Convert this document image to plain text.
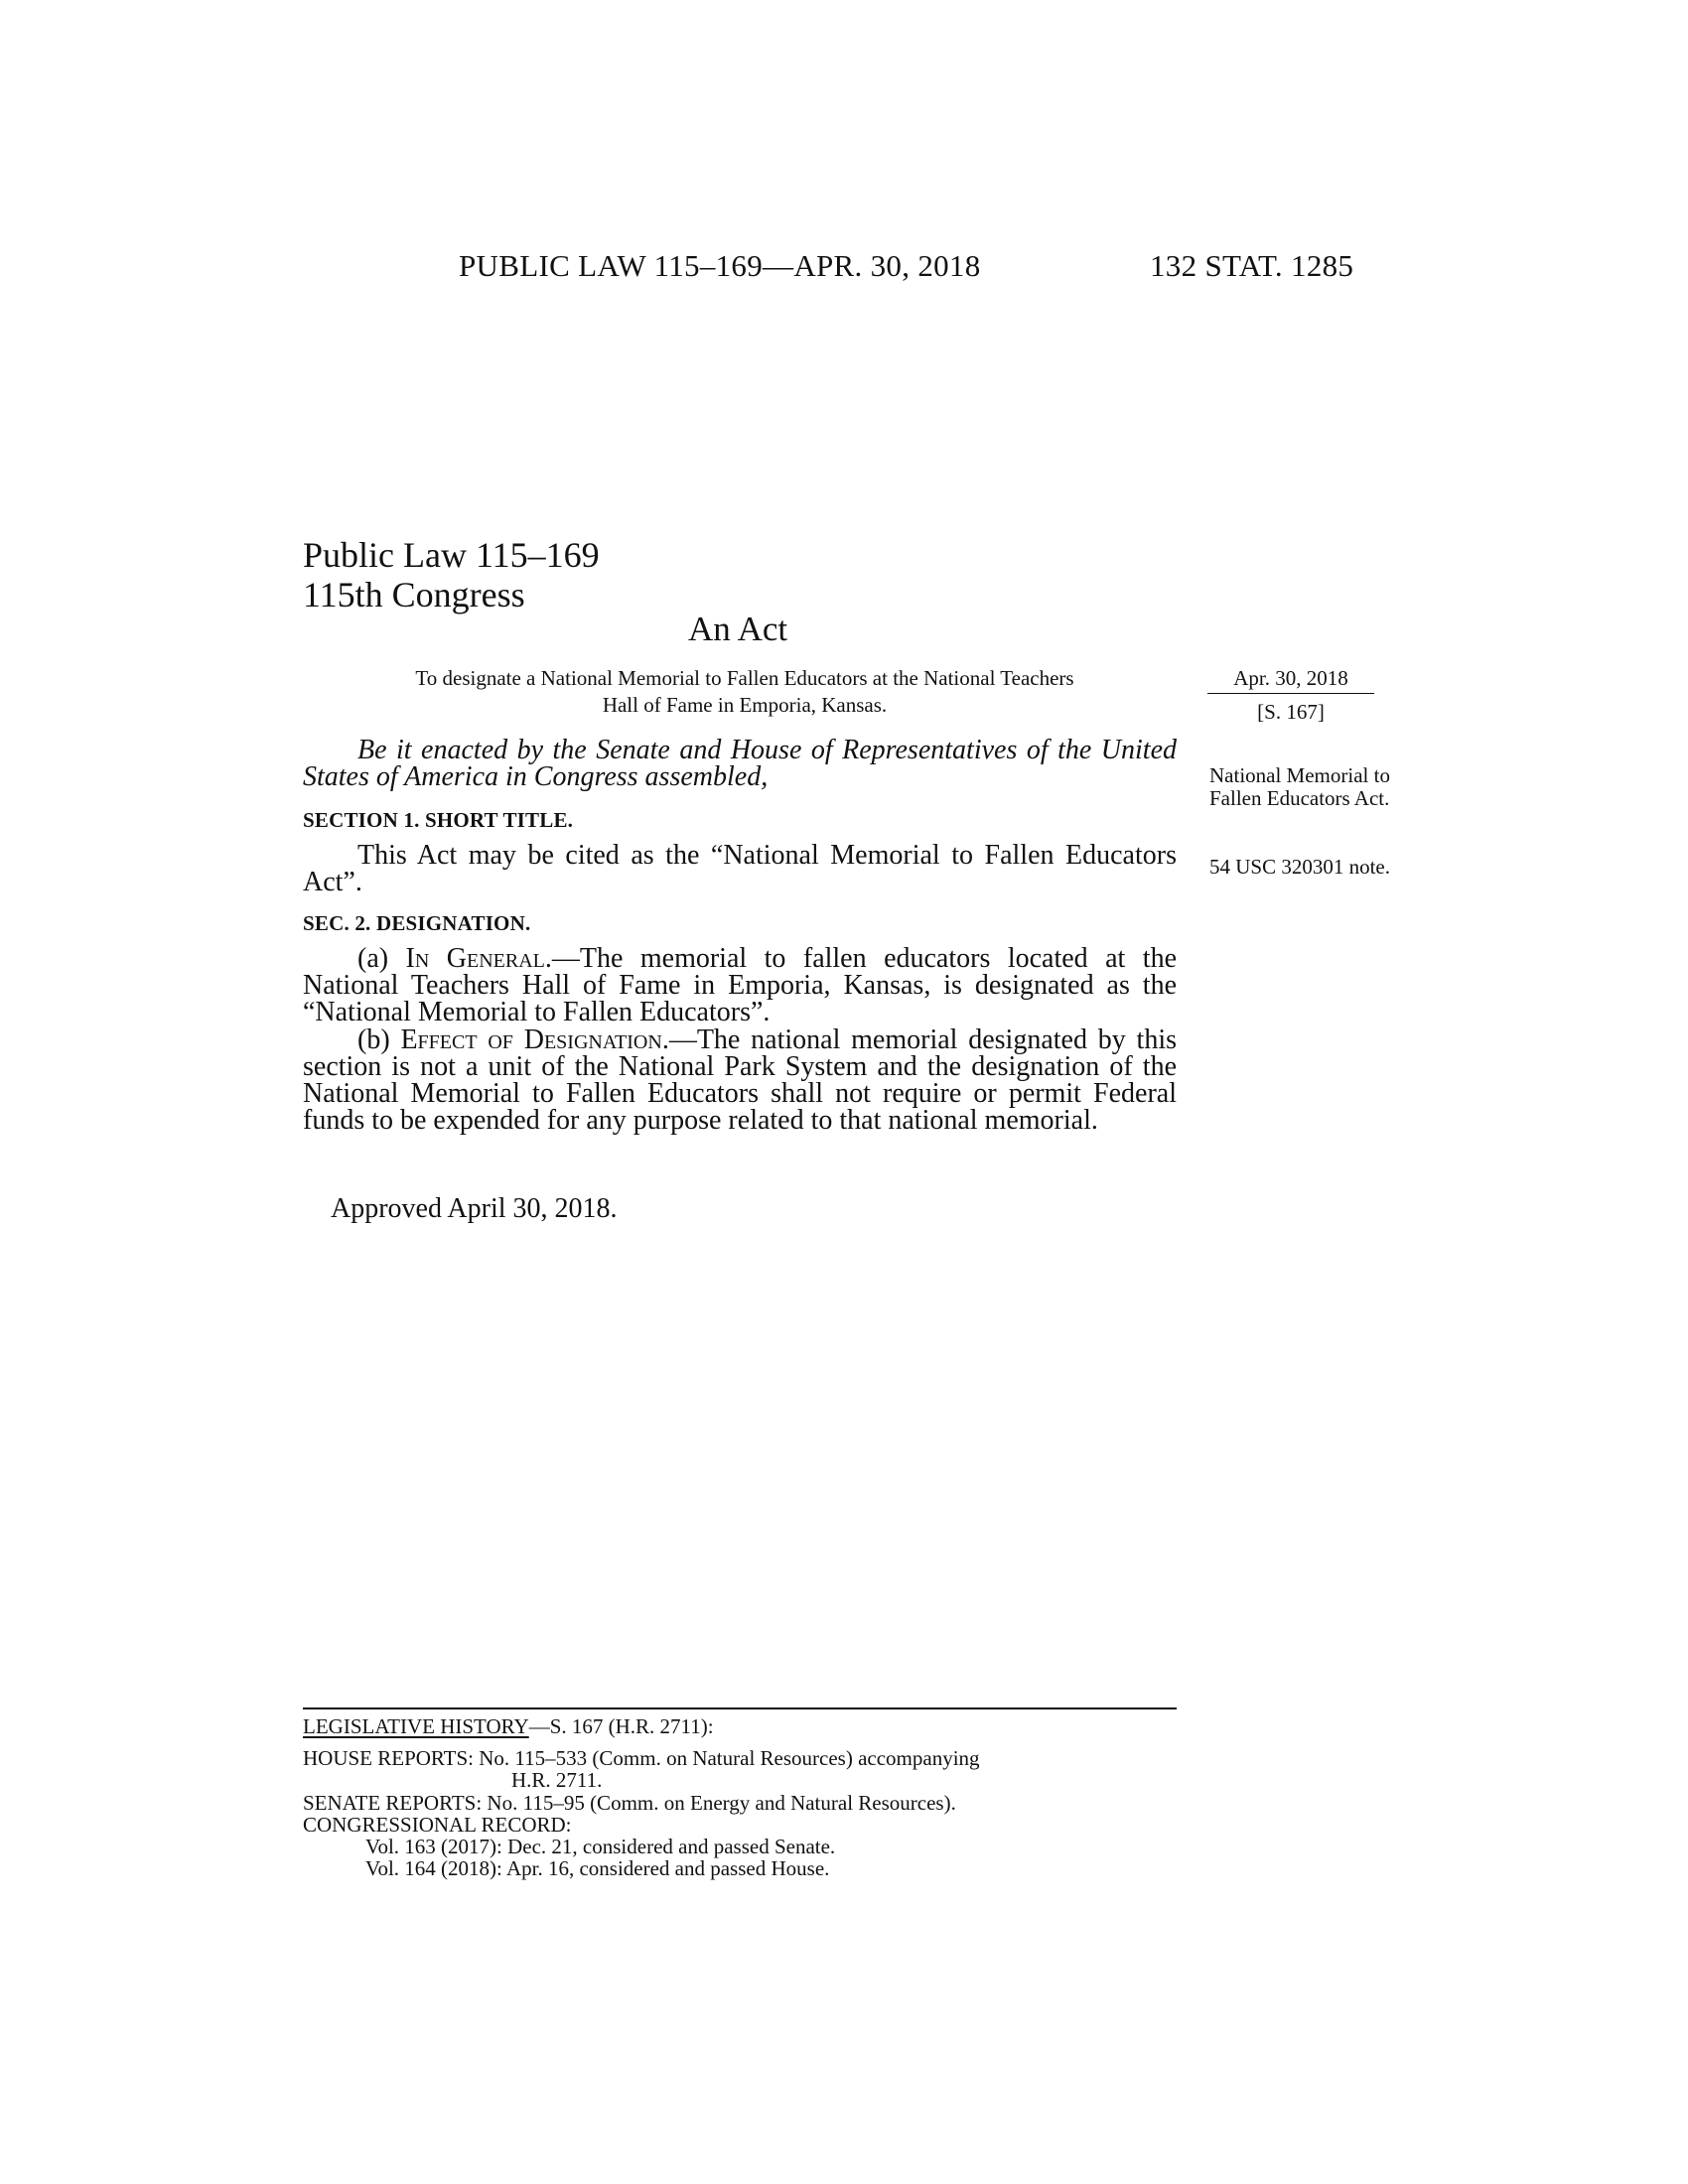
PUBLIC LAW 115–169—APR. 30, 2018	132 STAT. 1285
Public Law 115–169
115th Congress
An Act
To designate a National Memorial to Fallen Educators at the National Teachers
Hall of Fame in Emporia, Kansas.
Apr. 30, 2018
[S. 167]
National Memorial to Fallen Educators Act.
54 USC 320301 note.
Be it enacted by the Senate and House of Representatives of the United States of America in Congress assembled,
SECTION 1. SHORT TITLE.
This Act may be cited as the “National Memorial to Fallen Educators Act”.
SEC. 2. DESIGNATION.
(a) In General.—The memorial to fallen educators located at the National Teachers Hall of Fame in Emporia, Kansas, is designated as the “National Memorial to Fallen Educators”.
(b) Effect of Designation.—The national memorial designated by this section is not a unit of the National Park System and the designation of the National Memorial to Fallen Educators shall not require or permit Federal funds to be expended for any purpose related to that national memorial.
Approved April 30, 2018.
LEGISLATIVE HISTORY—S. 167 (H.R. 2711):
HOUSE REPORTS: No. 115–533 (Comm. on Natural Resources) accompanying
H.R. 2711.
SENATE REPORTS: No. 115–95 (Comm. on Energy and Natural Resources).
CONGRESSIONAL RECORD:
Vol. 163 (2017): Dec. 21, considered and passed Senate.
Vol. 164 (2018): Apr. 16, considered and passed House.
